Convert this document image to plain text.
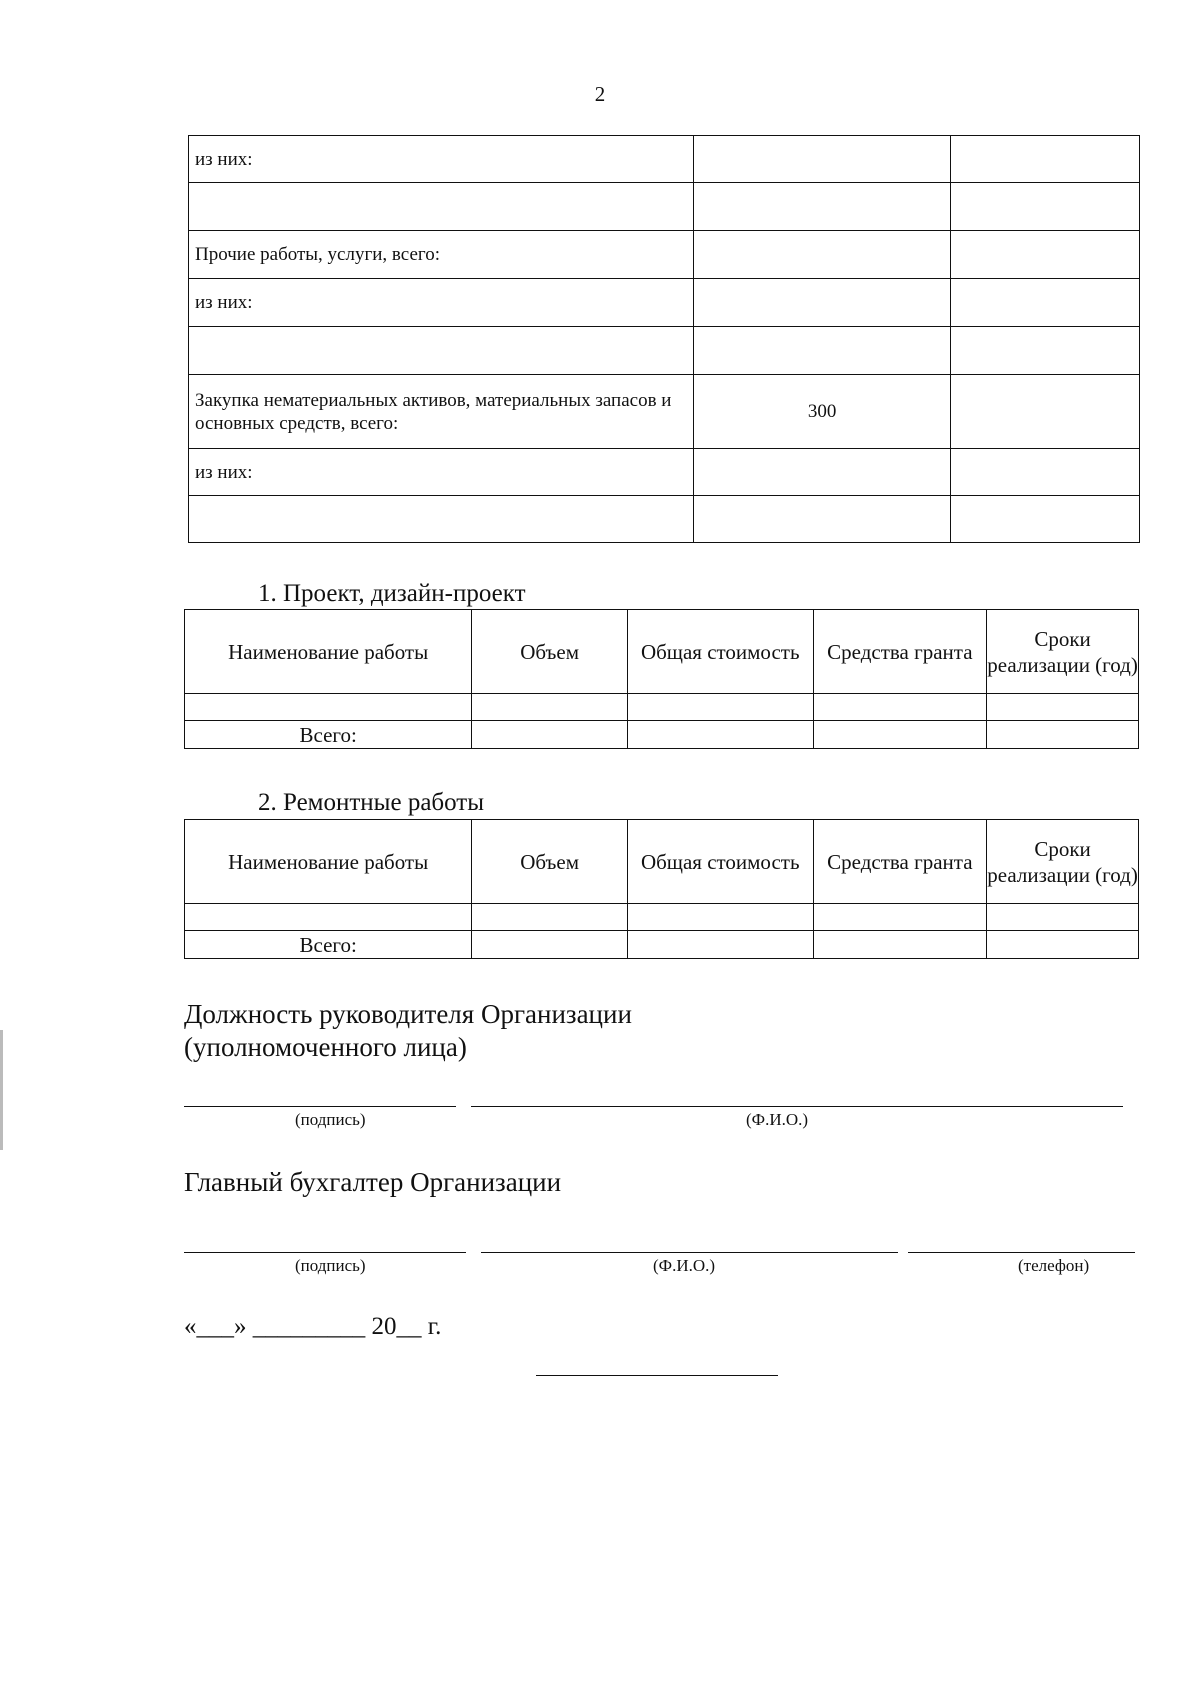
2
из них:		

Прочие работы, услуги, всего:		
из них:		

Закупка нематериальных активов, материальных запасов и основных средств, всего:	300	
из них:		

1. Проект, дизайн-проект
Наименование работы	Объем	Общая стоимость	Средства гранта	Сроки реализации (год)

Всего:				
2. Ремонтные работы
Наименование работы	Объем	Общая стоимость	Средства гранта	Сроки реализации (год)

Всего:				
Должность руководителя Организации
(уполномоченного лица)
(подпись)	(Ф.И.О.)
Главный бухгалтер Организации
(подпись)	(Ф.И.О.)	(телефон)
«___» _________ 20__ г.
